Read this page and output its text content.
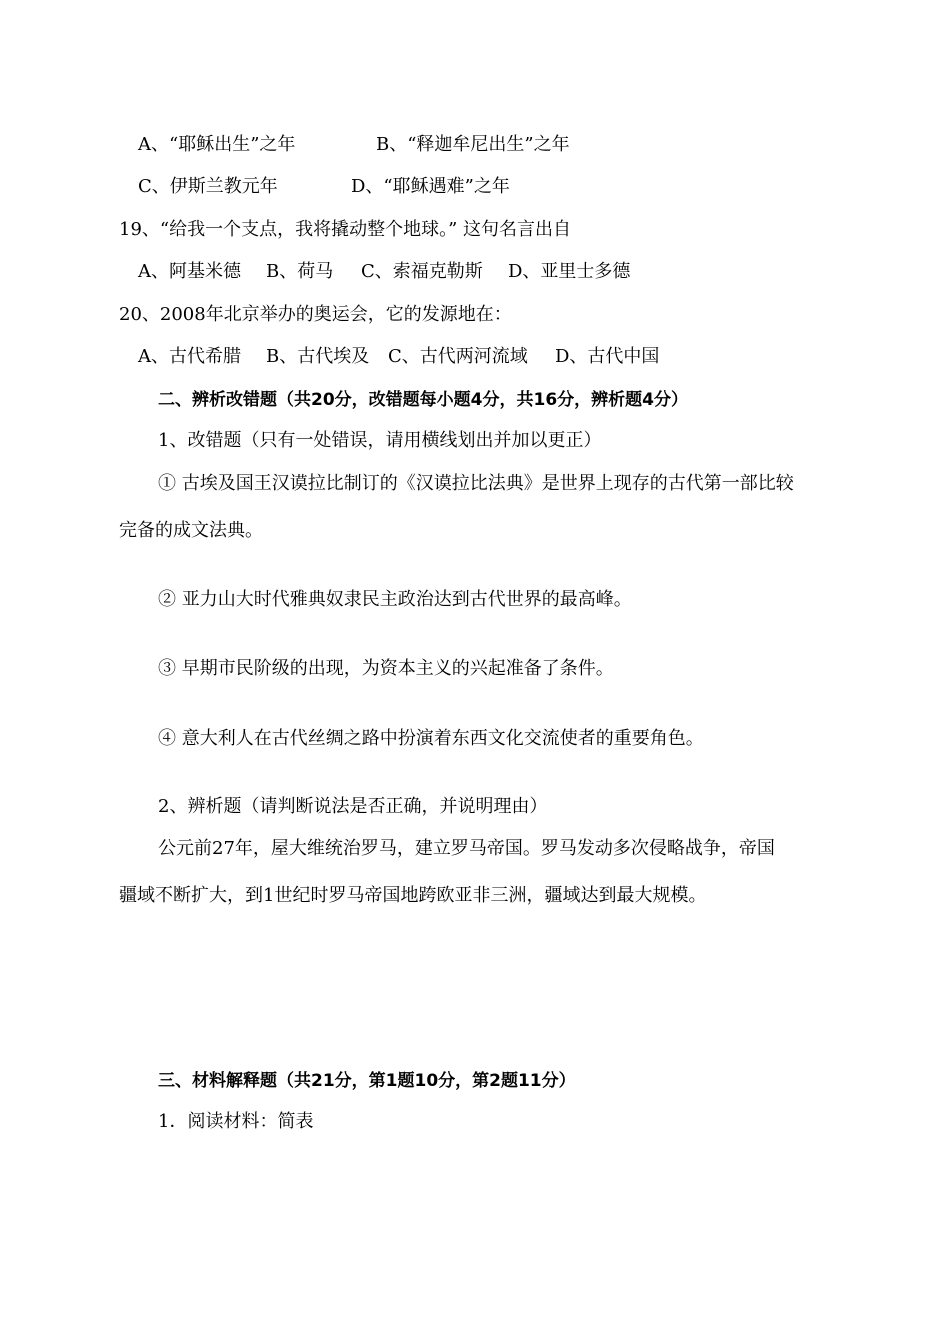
A、“耶稣出生”之年	B、“释迦牟尼出生”之年
C、伊斯兰教元年	D、“耶稣遇难”之年
19、“给我一个支点，我将撬动整个地球。” 这句名言出自
A、阿基米德 B、荷马 C、索福克勒斯 D、亚里士多德
20、2008年北京举办的奥运会，它的发源地在：
A、古代希腊 B、古代埃及 C、古代两河流域 D、古代中国
二、辨析改错题（共20分，改错题每小题4分，共16分，辨析题4分）
1、改错题（只有一处错误，请用横线划出并加以更正）
① 古埃及国王汉谟拉比制订的《汉谟拉比法典》是世界上现存的古代第一部比较
完备的成文法典。
② 亚力山大时代雅典奴隶民主政治达到古代世界的最高峰。
③ 早期市民阶级的出现，为资本主义的兴起准备了条件。
④ 意大利人在古代丝绸之路中扮演着东西文化交流使者的重要角色。
2、辨析题（请判断说法是否正确，并说明理由）
公元前27年，屋大维统治罗马，建立罗马帝国。罗马发动多次侵略战争，帝国
疆域不断扩大，到1世纪时罗马帝国地跨欧亚非三洲，疆域达到最大规模。
三、材料解释题（共21分，第1题10分，第2题11分）
1．阅读材料：简表
